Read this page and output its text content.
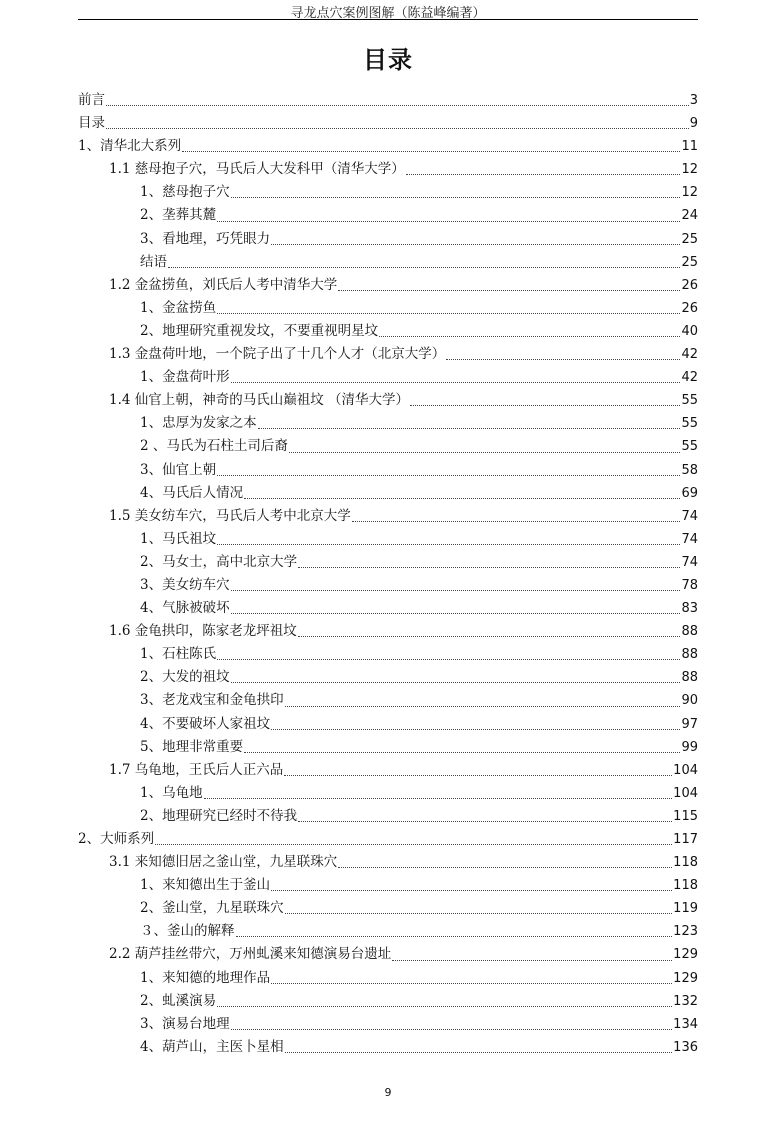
寻龙点穴案例图解（陈益峰编著）
目录
前言	3
目录	9
1、清华北大系列	11
1.1 慈母抱子穴，马氏后人大发科甲（清华大学）	12
1、慈母抱子穴	12
2、垄葬其麓	24
3、看地理，巧凭眼力	25
结语	25
1.2 金盆捞鱼，刘氏后人考中清华大学	26
1、金盆捞鱼	26
2、地理研究重视发坟，不要重视明星坟	40
1.3 金盘荷叶地，一个院子出了十几个人才（北京大学）	42
1、金盘荷叶形	42
1.4 仙官上朝，神奇的马氏山巅祖坟 （清华大学）	55
1、忠厚为发家之本	55
2 、马氏为石柱土司后裔	55
3、仙官上朝	58
4、马氏后人情况	69
1.5 美女纺车穴，马氏后人考中北京大学	74
1、马氏祖坟	74
2、马女士，高中北京大学	74
3、美女纺车穴	78
4、气脉被破坏	83
1.6 金龟拱印，陈家老龙坪祖坟	88
1、石柱陈氏	88
2、大发的祖坟	88
3、老龙戏宝和金龟拱印	90
4、不要破坏人家祖坟	97
5、地理非常重要	99
1.7 乌龟地，王氏后人正六品	104
1、乌龟地	104
2、地理研究已经时不待我	115
2、大师系列	117
3.1 来知德旧居之釜山堂，九星联珠穴	118
1、来知德出生于釜山	118
2、釜山堂，九星联珠穴	119
３、釜山的解释	123
2.2 葫芦挂丝带穴，万州虬溪来知德演易台遗址	129
1、来知德的地理作品	129
2、虬溪演易	132
3、演易台地理	134
4、葫芦山，主医卜星相	136
9
